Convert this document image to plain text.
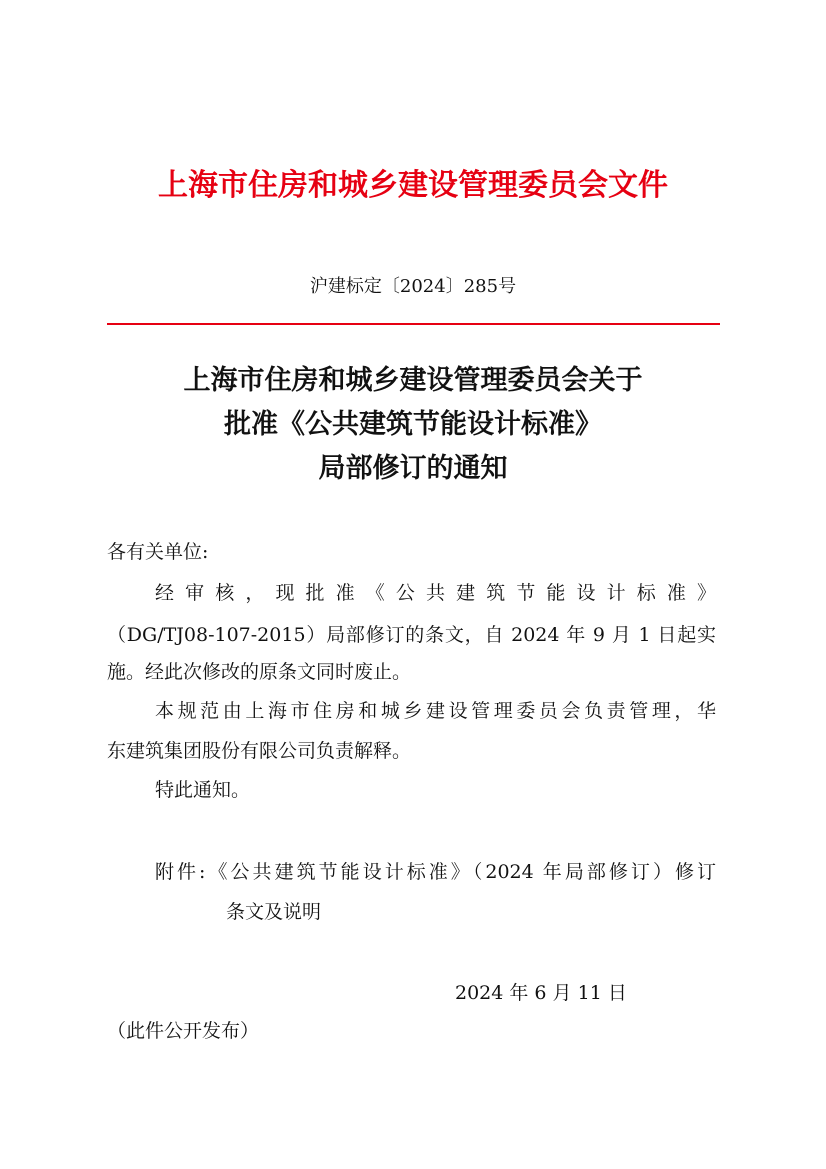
上海市住房和城乡建设管理委员会文件
沪建标定〔2024〕285号
上海市住房和城乡建设管理委员会关于
批准《公共建筑节能设计标准》
局部修订的通知
各有关单位:
经审核，现批准《公共建筑节能设计标准》
（DG/TJ08-107-2015）局部修订的条文，自 2024 年 9 月 1 日起实
施。经此次修改的原条文同时废止。
本规范由上海市住房和城乡建设管理委员会负责管理，华
东建筑集团股份有限公司负责解释。
特此通知。
附件:《公共建筑节能设计标准》（2024 年局部修订）修订
条文及说明
2024 年 6 月 11 日
（此件公开发布）
